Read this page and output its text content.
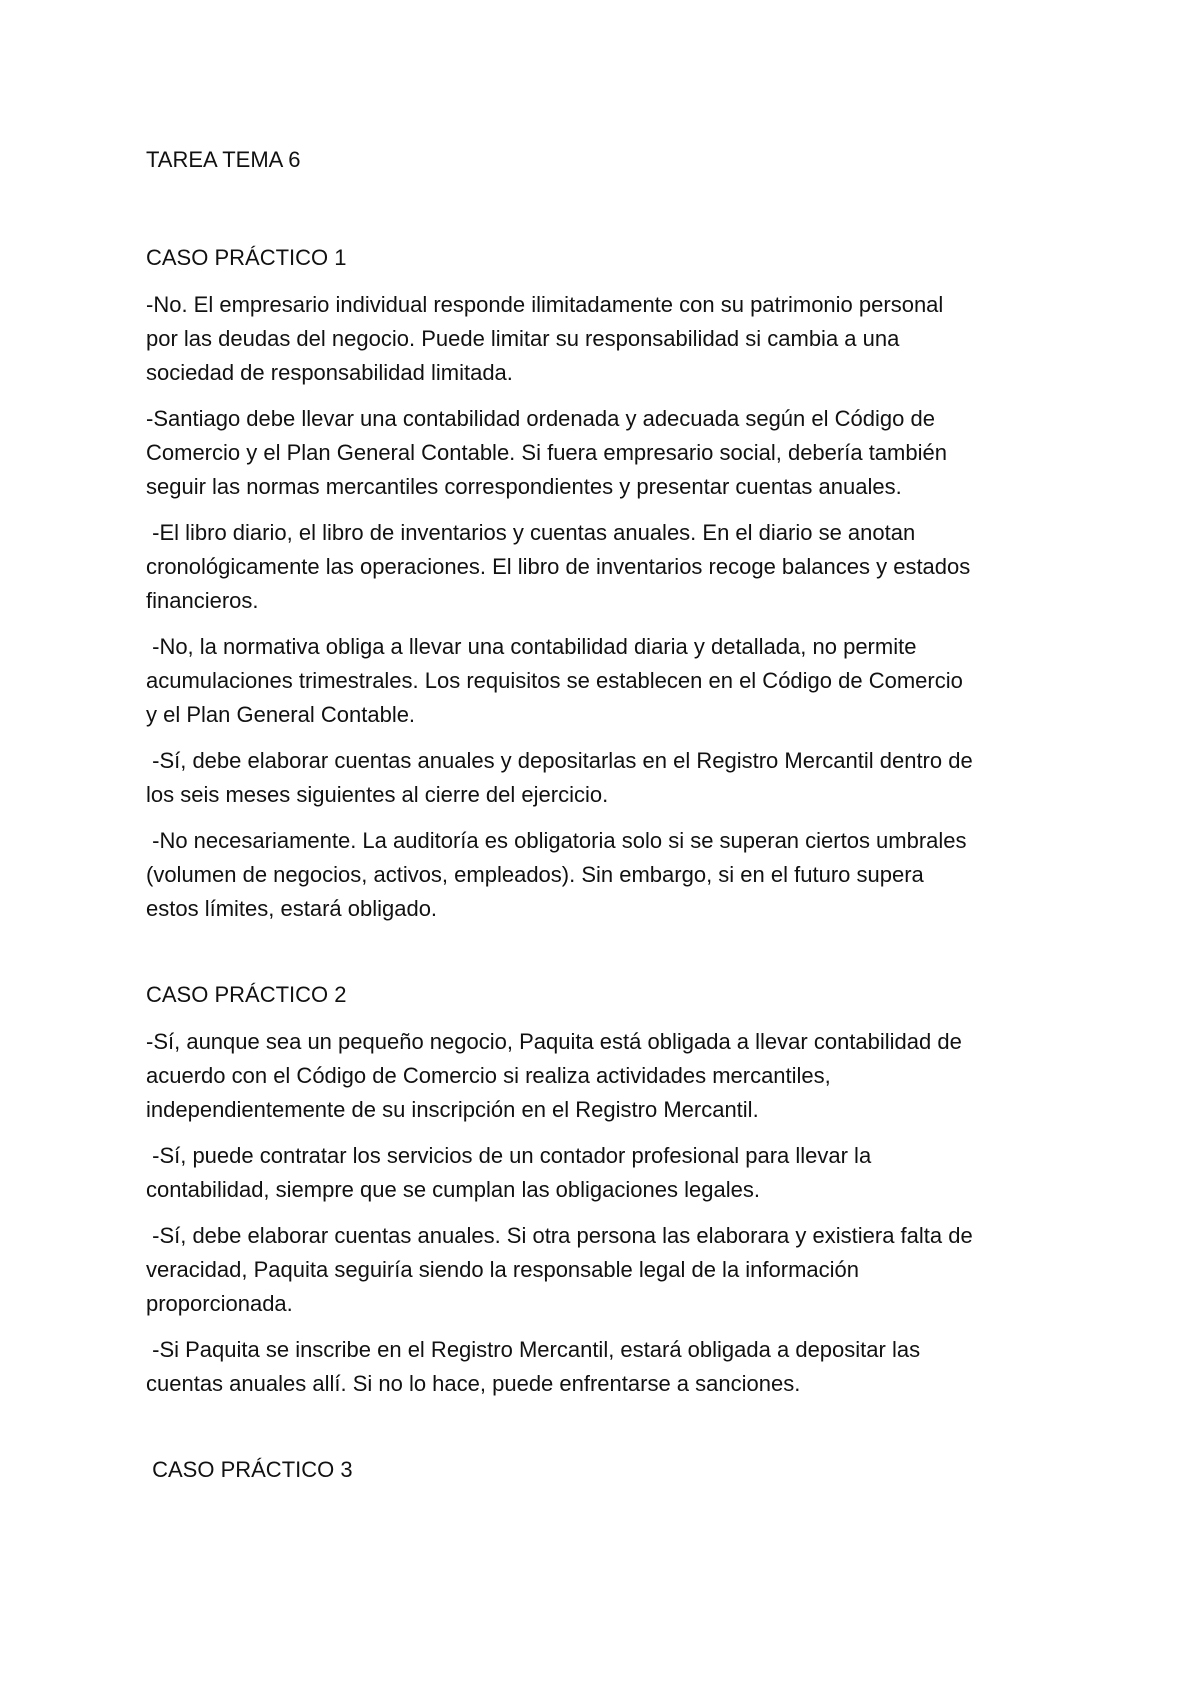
TAREA TEMA 6
CASO PRÁCTICO 1
-No. El empresario individual responde ilimitadamente con su patrimonio personal
por las deudas del negocio. Puede limitar su responsabilidad si cambia a una
sociedad de responsabilidad limitada.
-Santiago debe llevar una contabilidad ordenada y adecuada según el Código de
Comercio y el Plan General Contable. Si fuera empresario social, debería también
seguir las normas mercantiles correspondientes y presentar cuentas anuales.
-El libro diario, el libro de inventarios y cuentas anuales. En el diario se anotan
cronológicamente las operaciones. El libro de inventarios recoge balances y estados
financieros.
-No, la normativa obliga a llevar una contabilidad diaria y detallada, no permite
acumulaciones trimestrales. Los requisitos se establecen en el Código de Comercio
y el Plan General Contable.
-Sí, debe elaborar cuentas anuales y depositarlas en el Registro Mercantil dentro de
los seis meses siguientes al cierre del ejercicio.
-No necesariamente. La auditoría es obligatoria solo si se superan ciertos umbrales
(volumen de negocios, activos, empleados). Sin embargo, si en el futuro supera
estos límites, estará obligado.
CASO PRÁCTICO 2
-Sí, aunque sea un pequeño negocio, Paquita está obligada a llevar contabilidad de
acuerdo con el Código de Comercio si realiza actividades mercantiles,
independientemente de su inscripción en el Registro Mercantil.
-Sí, puede contratar los servicios de un contador profesional para llevar la
contabilidad, siempre que se cumplan las obligaciones legales.
-Sí, debe elaborar cuentas anuales. Si otra persona las elaborara y existiera falta de
veracidad, Paquita seguiría siendo la responsable legal de la información
proporcionada.
-Si Paquita se inscribe en el Registro Mercantil, estará obligada a depositar las
cuentas anuales allí. Si no lo hace, puede enfrentarse a sanciones.
CASO PRÁCTICO 3
